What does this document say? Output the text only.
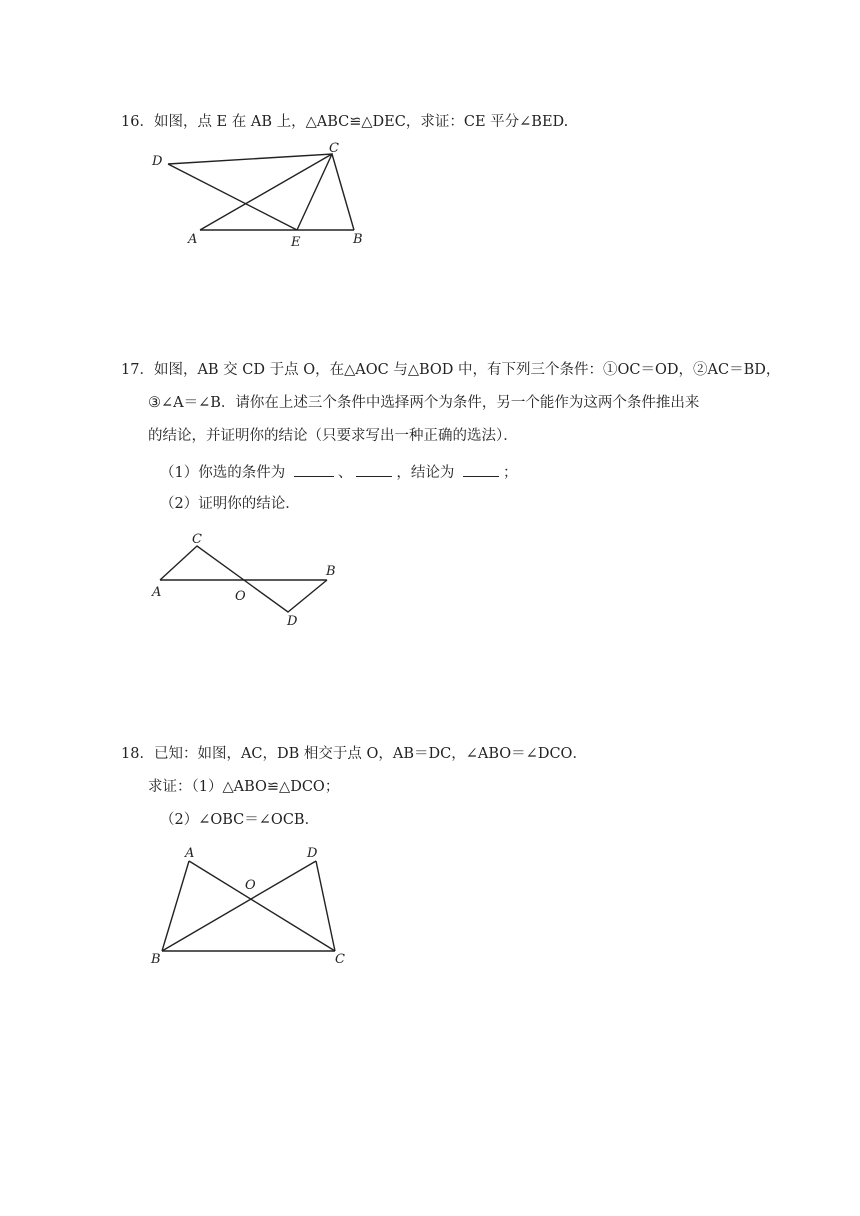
16．如图，点 E 在 AB 上，△ABC≌△DEC，求证：CE 平分∠BED.
D
C
A	E	B
C
A	O
B
D
A	D
O
B	C
17．如图，AB 交 CD 于点 O，在△AOC 与△BOD 中，有下列三个条件：①OC＝OD，②AC＝BD，
③∠A＝∠B．请你在上述三个条件中选择两个为条件，另一个能作为这两个条件推出来
的结论，并证明你的结论（只要求写出一种正确的选法）．
（1）你选的条件为	、	，结论为	；
（2）证明你的结论．
18．已知：如图，AC，DB 相交于点 O，AB＝DC，∠ABO＝∠DCO．
求证：（1）△ABO≌△DCO；
（2）∠OBC＝∠OCB．
